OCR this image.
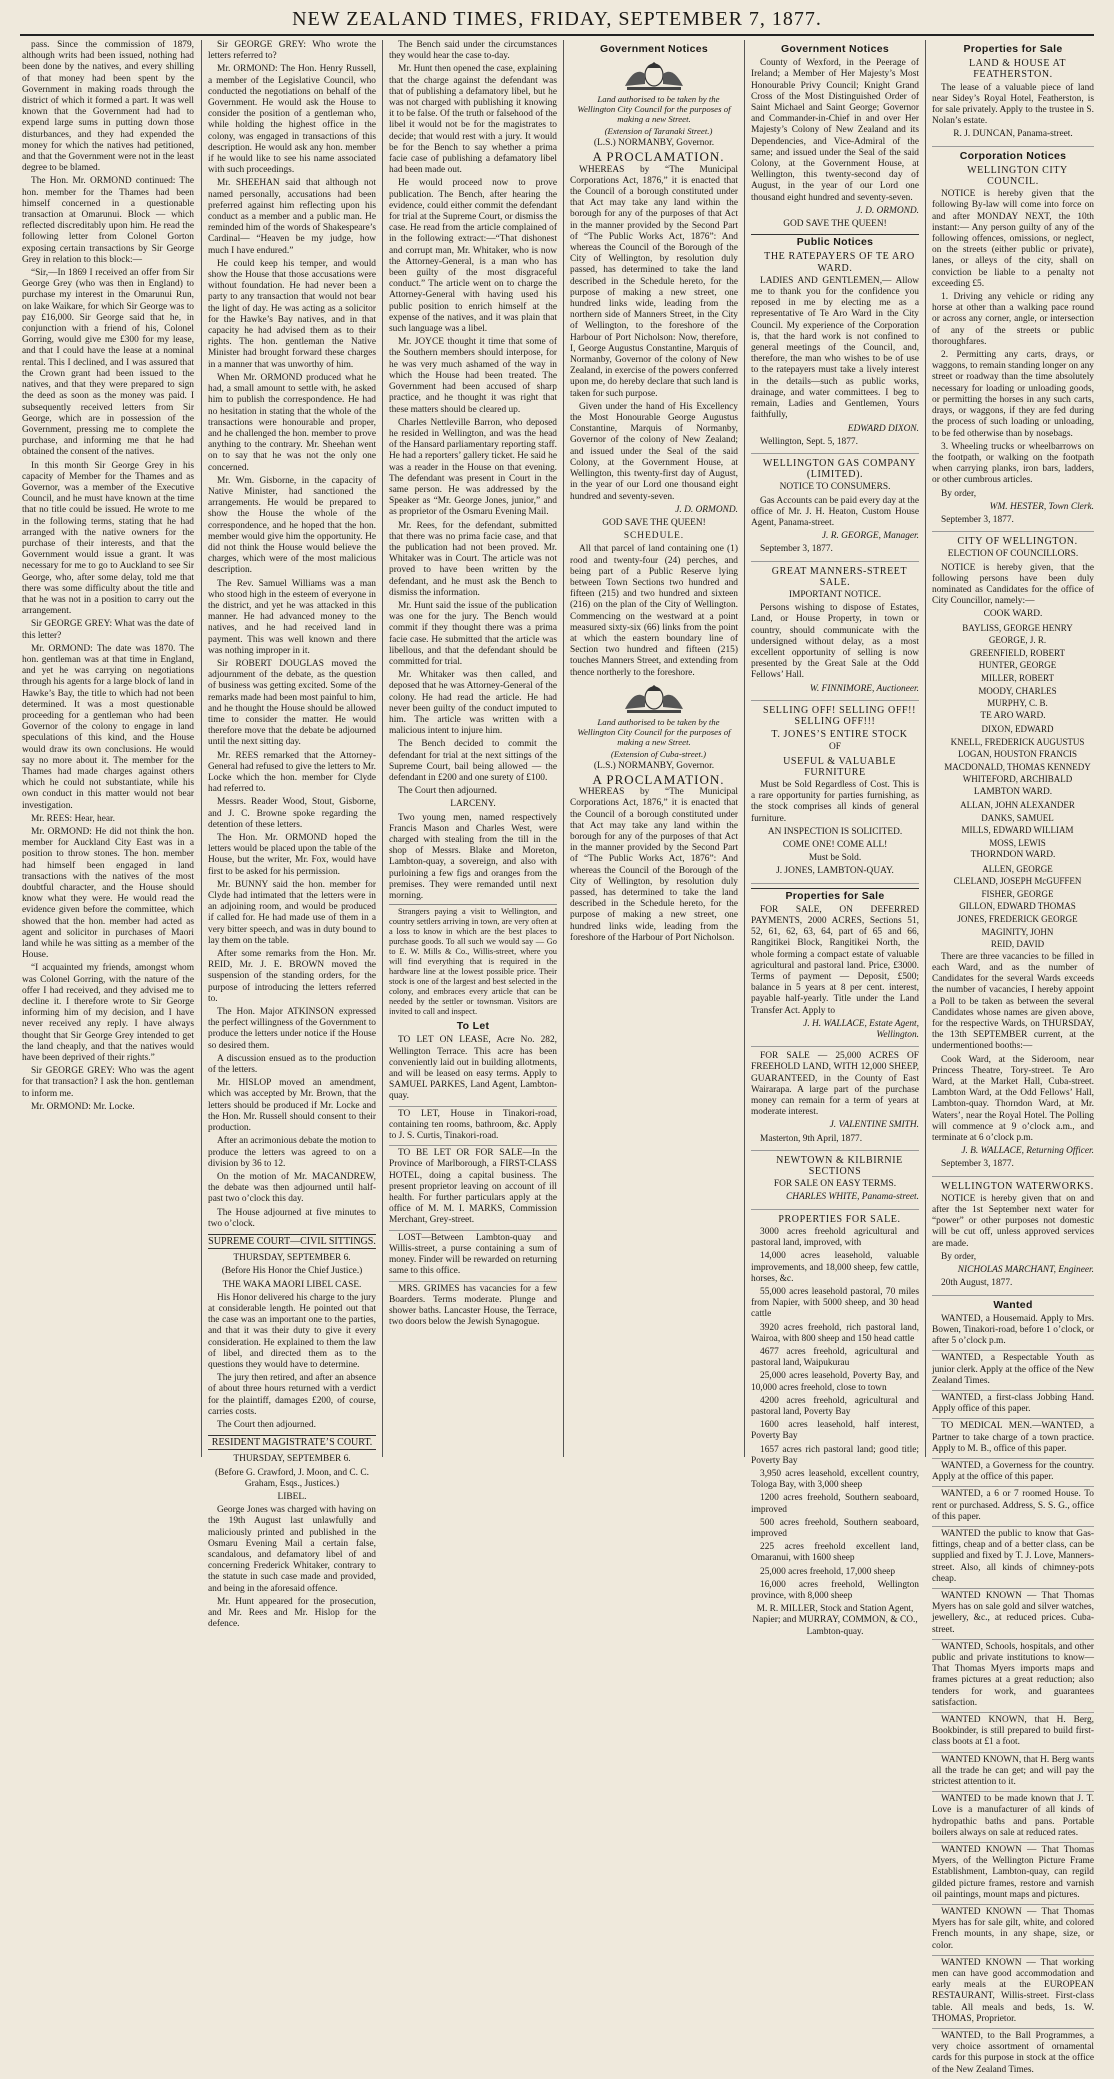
NEW ZEALAND TIMES, FRIDAY, SEPTEMBER 7, 1877.

pass. Since the commission of 1879, although writs had been issued, nothing had been done by the natives, and every shilling of that money had been spent by the Government in making roads through the district of which it formed a part. It was well known that the Government had had to expend large sums in putting down those disturbances, and they had expended the money for which the natives had petitioned, and that the Government were not in the least degree to be blamed.

The Hon. Mr. ORMOND continued: The hon. member for the Thames had been himself concerned in a questionable transaction at Omarunui. Block — which reflected discreditably upon him. He read the following letter from Colonel Gorton exposing certain transactions by Sir George Grey in relation to this block:—

“Sir,—In 1869 I received an offer from Sir George Grey (who was then in England) to purchase my interest in the Omarunui Run, on lake Waikare, for which Sir George was to pay £16,000. Sir George said that he, in conjunction with a friend of his, Colonel Gorring, would give me £300 for my lease, and that I could have the lease at a nominal rental. This I declined, and I was assured that the Crown grant had been issued to the natives, and that they were prepared to sign the deed as soon as the money was paid. I subsequently received letters from Sir George, which are in possession of the Government, pressing me to complete the purchase, and informing me that he had obtained the consent of the natives.

In this month Sir George Grey in his capacity of Member for the Thames and as Governor, was a member of the Executive Council, and he must have known at the time that no title could be issued. He wrote to me in the following terms, stating that he had arranged with the native owners for the purchase of their interests, and that the Government would issue a grant. It was necessary for me to go to Auckland to see Sir George, who, after some delay, told me that there was some difficulty about the title and that he was not in a position to carry out the arrangement.

Sir GEORGE GREY: What was the date of this letter?

Mr. ORMOND: The date was 1870. The hon. gentleman was at that time in England, and yet he was carrying on negotiations through his agents for a large block of land in Hawke’s Bay, the title to which had not been determined. It was a most questionable proceeding for a gentleman who had been Governor of the colony to engage in land speculations of this kind, and the House would draw its own conclusions. He would say no more about it. The member for the Thames had made charges against others which he could not substantiate, while his own conduct in this matter would not bear investigation.

Mr. REES: Hear, hear.

Mr. ORMOND: He did not think the hon. member for Auckland City East was in a position to throw stones. The hon. member had himself been engaged in land transactions with the natives of the most doubtful character, and the House should know what they were. He would read the evidence given before the committee, which showed that the hon. member had acted as agent and solicitor in purchases of Maori land while he was sitting as a member of the House.

“I acquainted my friends, amongst whom was Colonel Gorring, with the nature of the offer I had received, and they advised me to decline it. I therefore wrote to Sir George informing him of my decision, and I have never received any reply. I have always thought that Sir George Grey intended to get the land cheaply, and that the natives would have been deprived of their rights.”

Sir GEORGE GREY: Who was the agent for that transaction? I ask the hon. gentleman to inform me.

Mr. ORMOND: Mr. Locke.

Sir GEORGE GREY: Who wrote the letters referred to?

Mr. ORMOND: The Hon. Henry Russell, a member of the Legislative Council, who conducted the negotiations on behalf of the Government. He would ask the House to consider the position of a gentleman who, while holding the highest office in the colony, was engaged in transactions of this description. He would ask any hon. member if he would like to see his name associated with such proceedings.

Mr. SHEEHAN said that although not named personally, accusations had been preferred against him reflecting upon his conduct as a member and a public man. He reminded him of the words of Shakespeare’s Cardinal— “Heaven be my judge, how much I have endured.”

He could keep his temper, and would show the House that those accusations were without foundation. He had never been a party to any transaction that would not bear the light of day. He was acting as a solicitor for the Hawke’s Bay natives, and in that capacity he had advised them as to their rights. The hon. gentleman the Native Minister had brought forward these charges in a manner that was unworthy of him.

When Mr. ORMOND produced what he had, a small amount to settle with, he asked him to publish the correspondence. He had no hesitation in stating that the whole of the transactions were honourable and proper, and he challenged the hon. member to prove anything to the contrary. Mr. Sheehan went on to say that he was not the only one concerned.

Mr. Wm. Gisborne, in the capacity of Native Minister, had sanctioned the arrangements. He would be prepared to show the House the whole of the correspondence, and he hoped that the hon. member would give him the opportunity. He did not think the House would believe the charges, which were of the most malicious description.

The Rev. Samuel Williams was a man who stood high in the esteem of everyone in the district, and yet he was attacked in this manner. He had advanced money to the natives, and he had received land in payment. This was well known and there was nothing improper in it.

Sir ROBERT DOUGLAS moved the adjournment of the debate, as the question of business was getting excited. Some of the remarks made had been most painful to him, and he thought the House should be allowed time to consider the matter. He would therefore move that the debate be adjourned until the next sitting day.

Mr. REES remarked that the Attorney-General had refused to give the letters to Mr. Locke which the hon. member for Clyde had referred to.

Messrs. Reader Wood, Stout, Gisborne, and J. C. Browne spoke regarding the detention of these letters.

The Hon. Mr. ORMOND hoped the letters would be placed upon the table of the House, but the writer, Mr. Fox, would have first to be asked for his permission.

Mr. BUNNY said the hon. member for Clyde had intimated that the letters were in an adjoining room, and would be produced if called for. He had made use of them in a very bitter speech, and was in duty bound to lay them on the table.

After some remarks from the Hon. Mr. REID, Mr. J. E. BROWN moved the suspension of the standing orders, for the purpose of introducing the letters referred to.

The Hon. Major ATKINSON expressed the perfect willingness of the Government to produce the letters under notice if the House so desired them.

A discussion ensued as to the production of the letters.

Mr. HISLOP moved an amendment, which was accepted by Mr. Brown, that the letters should be produced if Mr. Locke and the Hon. Mr. Russell should consent to their production.

After an acrimonious debate the motion to produce the letters was agreed to on a division by 36 to 12.

On the motion of Mr. MACANDREW, the debate was then adjourned until half-past two o’clock this day.

The House adjourned at five minutes to two o’clock.

SUPREME COURT—CIVIL SITTINGS.

THURSDAY, SEPTEMBER 6.

(Before His Honor the Chief Justice.)

THE WAKA MAORI LIBEL CASE.

His Honor delivered his charge to the jury at considerable length. He pointed out that the case was an important one to the parties, and that it was their duty to give it every consideration. He explained to them the law of libel, and directed them as to the questions they would have to determine.

The jury then retired, and after an absence of about three hours returned with a verdict for the plaintiff, damages £200, of course, carries costs.

The Court then adjourned.

RESIDENT MAGISTRATE’S COURT.

THURSDAY, SEPTEMBER 6.

(Before G. Crawford, J. Moon, and C. C. Graham, Esqs., Justices.)

LIBEL.

George Jones was charged with having on the 19th August last unlawfully and maliciously printed and published in the Osmaru Evening Mail a certain false, scandalous, and defamatory libel of and concerning Frederick Whitaker, contrary to the statute in such case made and provided, and being in the aforesaid offence.

Mr. Hunt appeared for the prosecution, and Mr. Rees and Mr. Hislop for the defence.

The Bench said under the circumstances they would hear the case to-day.

Mr. Hunt then opened the case, explaining that the charge against the defendant was that of publishing a defamatory libel, but he was not charged with publishing it knowing it to be false. Of the truth or falsehood of the libel it would not be for the magistrates to decide; that would rest with a jury. It would be for the Bench to say whether a prima facie case of publishing a defamatory libel had been made out.

He would proceed now to prove publication. The Bench, after hearing the evidence, could either commit the defendant for trial at the Supreme Court, or dismiss the case. He read from the article complained of in the following extract:—“That dishonest and corrupt man, Mr. Whitaker, who is now the Attorney-General, is a man who has been guilty of the most disgraceful conduct.” The article went on to charge the Attorney-General with having used his public position to enrich himself at the expense of the natives, and it was plain that such language was a libel.

Mr. JOYCE thought it time that some of the Southern members should interpose, for he was very much ashamed of the way in which the House had been treated. The Government had been accused of sharp practice, and he thought it was right that these matters should be cleared up.

Charles Nettleville Barron, who deposed he resided in Wellington, and was the head of the Hansard parliamentary reporting staff. He had a reporters’ gallery ticket. He said he was a reader in the House on that evening. The defendant was present in Court in the same person. He was addressed by the Speaker as “Mr. George Jones, junior,” and as proprietor of the Osmaru Evening Mail.

Mr. Rees, for the defendant, submitted that there was no prima facie case, and that the publication had not been proved. Mr. Whitaker was in Court. The article was not proved to have been written by the defendant, and he must ask the Bench to dismiss the information.

Mr. Hunt said the issue of the publication was one for the jury. The Bench would commit if they thought there was a prima facie case. He submitted that the article was libellous, and that the defendant should be committed for trial.

Mr. Whitaker was then called, and deposed that he was Attorney-General of the colony. He had read the article. He had never been guilty of the conduct imputed to him. The article was written with a malicious intent to injure him.

The Bench decided to commit the defendant for trial at the next sittings of the Supreme Court, bail being allowed — the defendant in £200 and one surety of £100.

The Court then adjourned.

LARCENY.

Two young men, named respectively Francis Mason and Charles West, were charged with stealing from the till in the shop of Messrs. Blake and Moreton, Lambton-quay, a sovereign, and also with purloining a few figs and oranges from the premises. They were remanded until next morning.

Strangers paying a visit to Wellington, and country settlers arriving in town, are very often at a loss to know in which are the best places to purchase goods. To all such we would say — Go to E. W. Mills & Co., Willis-street, where you will find everything that is required in the hardware line at the lowest possible price. Their stock is one of the largest and best selected in the colony, and embraces every article that can be needed by the settler or townsman. Visitors are invited to call and inspect.

To Let

TO LET ON LEASE, Acre No. 282, Wellington Terrace. This acre has been conveniently laid out in building allotments, and will be leased on easy terms. Apply to SAMUEL PARKES, Land Agent, Lambton-quay.

TO LET, House in Tinakori-road, containing ten rooms, bathroom, &c. Apply to J. S. Curtis, Tinakori-road.

TO BE LET OR FOR SALE—In the Province of Marlborough, a FIRST-CLASS HOTEL, doing a capital business. The present proprietor leaving on account of ill health. For further particulars apply at the office of M. M. I. MARKS, Commission Merchant, Grey-street.

LOST—Between Lambton-quay and Willis-street, a purse containing a sum of money. Finder will be rewarded on returning same to this office.

MRS. GRIMES has vacancies for a few Boarders. Terms moderate. Plunge and shower baths. Lancaster House, the Terrace, two doors below the Jewish Synagogue.

Government Notices

Land authorised to be taken by the Wellington City Council for the purposes of making a new Street.

(Extension of Taranaki Street.)

(L.S.) NORMANBY, Governor.

A PROCLAMATION.

WHEREAS by “The Municipal Corporations Act, 1876,” it is enacted that the Council of a borough constituted under that Act may take any land within the borough for any of the purposes of that Act in the manner provided by the Second Part of “The Public Works Act, 1876”: And whereas the Council of the Borough of the City of Wellington, by resolution duly passed, has determined to take the land described in the Schedule hereto, for the purpose of making a new street, one hundred links wide, leading from the northern side of Manners Street, in the City of Wellington, to the foreshore of the Harbour of Port Nicholson: Now, therefore, I, George Augustus Constantine, Marquis of Normanby, Governor of the colony of New Zealand, in exercise of the powers conferred upon me, do hereby declare that such land is taken for such purpose.

Given under the hand of His Excellency the Most Honourable George Augustus Constantine, Marquis of Normanby, Governor of the colony of New Zealand; and issued under the Seal of the said Colony, at the Government House, at Wellington, this twenty-first day of August, in the year of our Lord one thousand eight hundred and seventy-seven.

J. D. ORMOND.

GOD SAVE THE QUEEN!

SCHEDULE.

All that parcel of land containing one (1) rood and twenty-four (24) perches, and being part of a Public Reserve lying between Town Sections two hundred and fifteen (215) and two hundred and sixteen (216) on the plan of the City of Wellington. Commencing on the westward at a point measured sixty-six (66) links from the point at which the eastern boundary line of Section two hundred and fifteen (215) touches Manners Street, and extending from thence northerly to the foreshore.

Land authorised to be taken by the Wellington City Council for the purposes of making a new Street.

(Extension of Cuba-street.)

(L.S.) NORMANBY, Governor.

A PROCLAMATION.

WHEREAS by “The Municipal Corporations Act, 1876,” it is enacted that the Council of a borough constituted under that Act may take any land within the borough for any of the purposes of that Act in the manner provided by the Second Part of “The Public Works Act, 1876”: And whereas the Council of the Borough of the City of Wellington, by resolution duly passed, has determined to take the land described in the Schedule hereto, for the purpose of making a new street, one hundred links wide, leading from the foreshore of the Harbour of Port Nicholson.

Government Notices

County of Wexford, in the Peerage of Ireland; a Member of Her Majesty’s Most Honourable Privy Council; Knight Grand Cross of the Most Distinguished Order of Saint Michael and Saint George; Governor and Commander-in-Chief in and over Her Majesty’s Colony of New Zealand and its Dependencies, and Vice-Admiral of the same; and issued under the Seal of the said Colony, at the Government House, at Wellington, this twenty-second day of August, in the year of our Lord one thousand eight hundred and seventy-seven.

J. D. ORMOND.

GOD SAVE THE QUEEN!

Public Notices

THE RATEPAYERS OF TE ARO WARD.

LADIES AND GENTLEMEN,— Allow me to thank you for the confidence you reposed in me by electing me as a representative of Te Aro Ward in the City Council. My experience of the Corporation is, that the hard work is not confined to general meetings of the Council, and, therefore, the man who wishes to be of use to the ratepayers must take a lively interest in the details—such as public works, drainage, and water committees. I beg to remain, Ladies and Gentlemen, Yours faithfully,

EDWARD DIXON.

Wellington, Sept. 5, 1877.

WELLINGTON GAS COMPANY (LIMITED).

NOTICE TO CONSUMERS.

Gas Accounts can be paid every day at the office of Mr. J. H. Heaton, Custom House Agent, Panama-street.

J. R. GEORGE, Manager.

September 3, 1877.

GREAT MANNERS-STREET SALE.

IMPORTANT NOTICE.

Persons wishing to dispose of Estates, Land, or House Property, in town or country, should communicate with the undersigned without delay, as a most excellent opportunity of selling is now presented by the Great Sale at the Odd Fellows’ Hall.

W. FINNIMORE, Auctioneer.

SELLING OFF! SELLING OFF!! SELLING OFF!!!

T. JONES’S ENTIRE STOCK

OF

USEFUL & VALUABLE FURNITURE

Must be Sold Regardless of Cost. This is a rare opportunity for parties furnishing, as the stock comprises all kinds of general furniture.

AN INSPECTION IS SOLICITED.

COME ONE! COME ALL!

Must be Sold.

J. JONES, LAMBTON-QUAY.

Properties for Sale

FOR SALE, ON DEFERRED PAYMENTS, 2000 ACRES, Sections 51, 52, 61, 62, 63, 64, part of 65 and 66, Rangitikei Block, Rangitikei North, the whole forming a compact estate of valuable agricultural and pastoral land. Price, £3000. Terms of payment — Deposit, £500; balance in 5 years at 8 per cent. interest, payable half-yearly. Title under the Land Transfer Act. Apply to

J. H. WALLACE, Estate Agent, Wellington.

FOR SALE — 25,000 ACRES OF FREEHOLD LAND, WITH 12,000 SHEEP, GUARANTEED, in the County of East Wairarapa. A large part of the purchase money can remain for a term of years at moderate interest.

J. VALENTINE SMITH.

Masterton, 9th April, 1877.

NEWTOWN & KILBIRNIE SECTIONS

FOR SALE ON EASY TERMS.

CHARLES WHITE, Panama-street.

PROPERTIES FOR SALE.

3000 acres freehold agricultural and pastoral land, improved, with

14,000 acres leasehold, valuable improvements, and 18,000 sheep, few cattle, horses, &c.

55,000 acres leasehold pastoral, 70 miles from Napier, with 5000 sheep, and 30 head cattle

3920 acres freehold, rich pastoral land, Wairoa, with 800 sheep and 150 head cattle

4677 acres freehold, agricultural and pastoral land, Waipukurau

25,000 acres leasehold, Poverty Bay, and 10,000 acres freehold, close to town

4200 acres freehold, agricultural and pastoral land, Poverty Bay

1600 acres leasehold, half interest, Poverty Bay

1657 acres rich pastoral land; good title; Poverty Bay

3,950 acres leasehold, excellent country, Tologa Bay, with 3,000 sheep

1200 acres freehold, Southern seaboard, improved

500 acres freehold, Southern seaboard, improved

225 acres freehold excellent land, Omaranui, with 1600 sheep

25,000 acres freehold, 17,000 sheep

16,000 acres freehold, Wellington province, with 8,000 sheep

M. R. MILLER, Stock and Station Agent, Napier; and MURRAY, COMMON, & CO., Lambton-quay.

Properties for Sale

LAND & HOUSE AT FEATHERSTON.

The lease of a valuable piece of land near Sidey’s Royal Hotel, Featherston, is for sale privately. Apply to the trustee in S. Nolan’s estate.

R. J. DUNCAN, Panama-street.

Corporation Notices

WELLINGTON CITY COUNCIL.

NOTICE is hereby given that the following By-law will come into force on and after MONDAY NEXT, the 10th instant:— Any person guilty of any of the following offences, omissions, or neglect, on the streets (either public or private), lanes, or alleys of the city, shall on conviction be liable to a penalty not exceeding £5.

1. Driving any vehicle or riding any horse at other than a walking pace round or across any corner, angle, or intersection of any of the streets or public thoroughfares.

2. Permitting any carts, drays, or waggons, to remain standing longer on any street or roadway than the time absolutely necessary for loading or unloading goods, or permitting the horses in any such carts, drays, or waggons, if they are fed during the process of such loading or unloading, to be fed otherwise than by nosebags.

3. Wheeling trucks or wheelbarrows on the footpath, or walking on the footpath when carrying planks, iron bars, ladders, or other cumbrous articles.

By order,

WM. HESTER, Town Clerk.

September 3, 1877.

CITY OF WELLINGTON.

ELECTION OF COUNCILLORS.

NOTICE is hereby given, that the following persons have been duly nominated as Candidates for the office of City Councillor, namely:—

COOK WARD.

BAYLISS, GEORGE HENRY

GEORGE, J. R.

GREENFIELD, ROBERT

HUNTER, GEORGE

MILLER, ROBERT

MOODY, CHARLES

MURPHY, C. B.

TE ARO WARD.

DIXON, EDWARD

KNELL, FREDERICK AUGUSTUS

LOGAN, HOUSTON FRANCIS

MACDONALD, THOMAS KENNEDY

WHITEFORD, ARCHIBALD

LAMBTON WARD.

ALLAN, JOHN ALEXANDER

DANKS, SAMUEL

MILLS, EDWARD WILLIAM

MOSS, LEWIS

THORNDON WARD.

ALLEN, GEORGE

CLELAND, JOSEPH McGUFFEN

FISHER, GEORGE

GILLON, EDWARD THOMAS

JONES, FREDERICK GEORGE

MAGINITY, JOHN

REID, DAVID

There are three vacancies to be filled in each Ward, and as the number of Candidates for the several Wards exceeds the number of vacancies, I hereby appoint a Poll to be taken as between the several Candidates whose names are given above, for the respective Wards, on THURSDAY, the 13th SEPTEMBER current, at the undermentioned booths:—

Cook Ward, at the Sideroom, near Princess Theatre, Tory-street. Te Aro Ward, at the Market Hall, Cuba-street. Lambton Ward, at the Odd Fellows’ Hall, Lambton-quay. Thorndon Ward, at Mr. Waters’, near the Royal Hotel. The Polling will commence at 9 o’clock a.m., and terminate at 6 o’clock p.m.

J. B. WALLACE, Returning Officer.

September 3, 1877.

WELLINGTON WATERWORKS.

NOTICE is hereby given that on and after the 1st September next water for “power” or other purposes not domestic will be cut off, unless approved services are made.

By order,

NICHOLAS MARCHANT, Engineer.

20th August, 1877.

Wanted

WANTED, a Housemaid. Apply to Mrs. Bowen, Tinakori-road, before 1 o’clock, or after 5 o’clock p.m.

WANTED, a Respectable Youth as junior clerk. Apply at the office of the New Zealand Times.

WANTED, a first-class Jobbing Hand. Apply office of this paper.

TO MEDICAL MEN.—WANTED, a Partner to take charge of a town practice. Apply to M. B., office of this paper.

WANTED, a Governess for the country. Apply at the office of this paper.

WANTED, a 6 or 7 roomed House. To rent or purchased. Address, S. S. G., office of this paper.

WANTED the public to know that Gas-fittings, cheap and of a better class, can be supplied and fixed by T. J. Love, Manners-street. Also, all kinds of chimney-pots cheap.

WANTED KNOWN — That Thomas Myers has on sale gold and silver watches, jewellery, &c., at reduced prices. Cuba-street.

WANTED, Schools, hospitals, and other public and private institutions to know—That Thomas Myers imports maps and frames pictures at a great reduction; also tenders for work, and guarantees satisfaction.

WANTED KNOWN, that H. Berg, Bookbinder, is still prepared to build first-class boots at £1 a foot.

WANTED KNOWN, that H. Berg wants all the trade he can get; and will pay the strictest attention to it.

WANTED to be made known that J. T. Love is a manufacturer of all kinds of hydropathic baths and pans. Portable boilers always on sale at reduced rates.

WANTED KNOWN — That Thomas Myers, of the Wellington Picture Frame Establishment, Lambton-quay, can regild gilded picture frames, restore and varnish oil paintings, mount maps and pictures.

WANTED KNOWN — That Thomas Myers has for sale gilt, white, and colored French mounts, in any shape, size, or color.

WANTED KNOWN — That working men can have good accommodation and early meals at the EUROPEAN RESTAURANT, Willis-street. First-class table. All meals and beds, 1s. W. THOMAS, Proprietor.

WANTED, to the Ball Programmes, a very choice assortment of ornamental cards for this purpose in stock at the office of the New Zealand Times.
